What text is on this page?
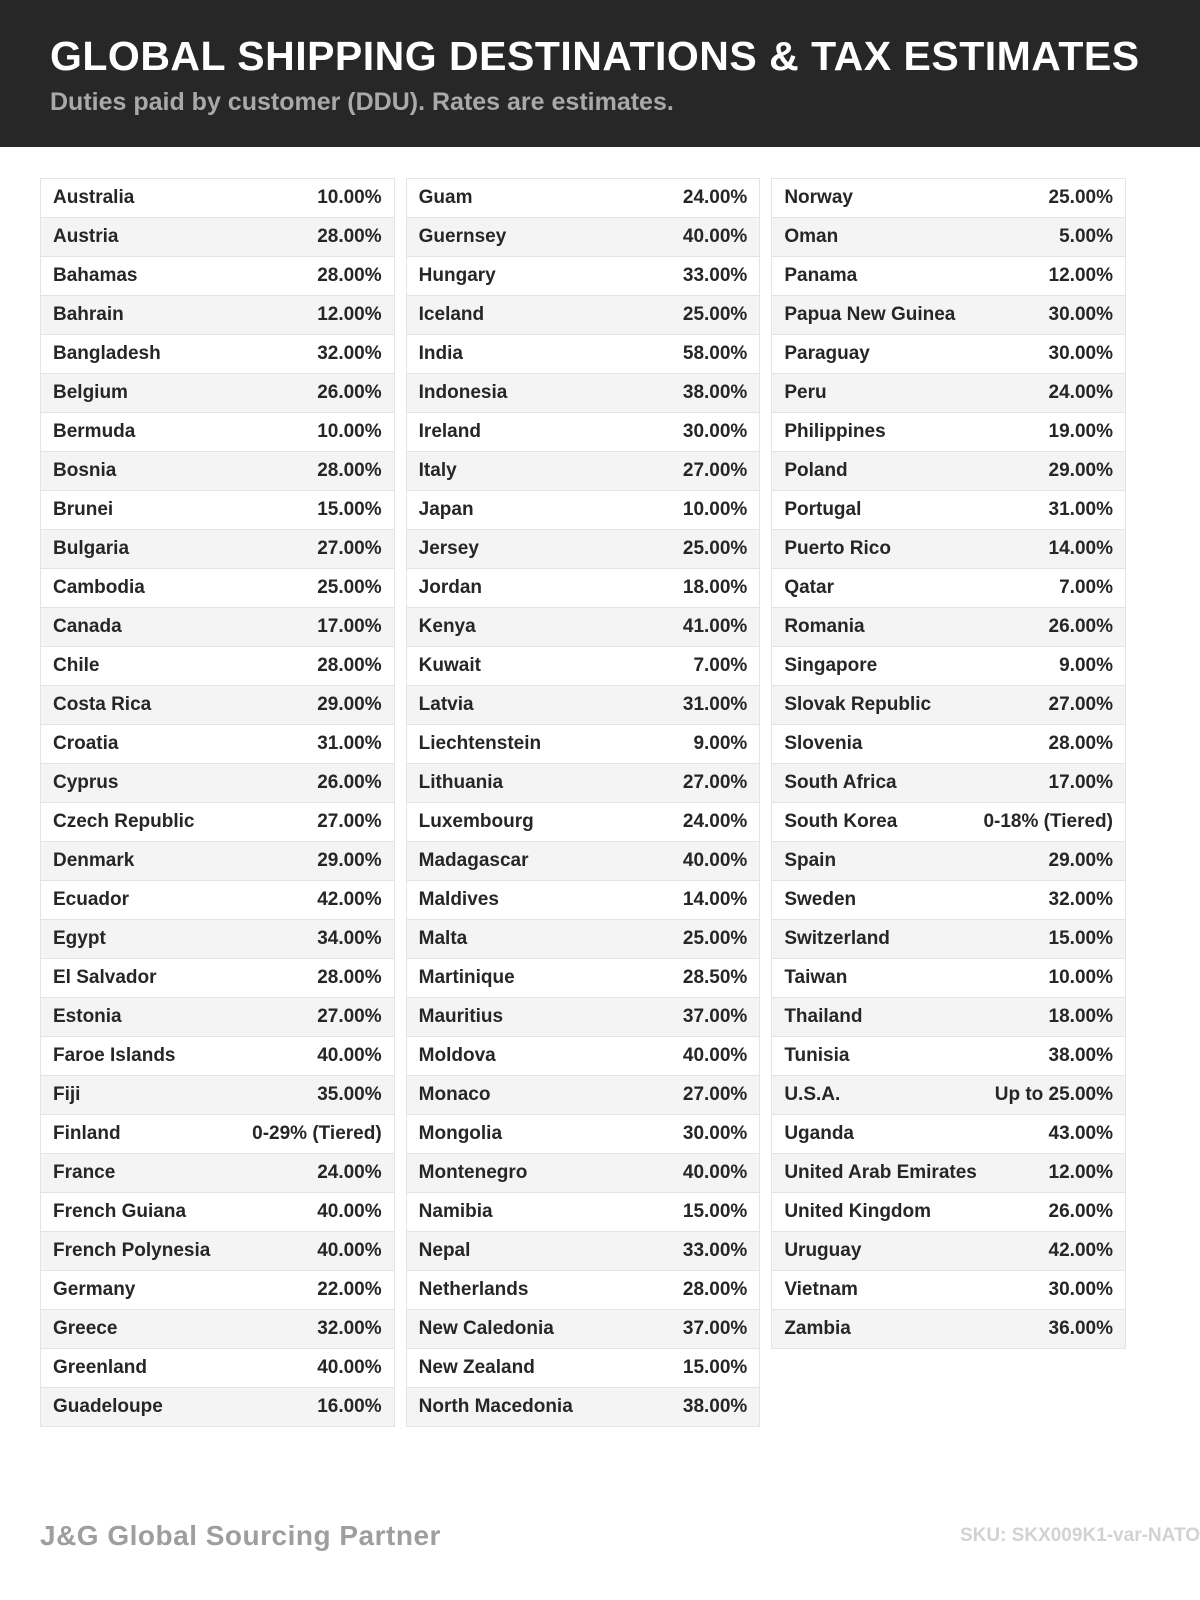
GLOBAL SHIPPING DESTINATIONS & TAX ESTIMATES
Duties paid by customer (DDU). Rates are estimates.
Australia	10.00%
Austria	28.00%
Bahamas	28.00%
Bahrain	12.00%
Bangladesh	32.00%
Belgium	26.00%
Bermuda	10.00%
Bosnia	28.00%
Brunei	15.00%
Bulgaria	27.00%
Cambodia	25.00%
Canada	17.00%
Chile	28.00%
Costa Rica	29.00%
Croatia	31.00%
Cyprus	26.00%
Czech Republic	27.00%
Denmark	29.00%
Ecuador	42.00%
Egypt	34.00%
El Salvador	28.00%
Estonia	27.00%
Faroe Islands	40.00%
Fiji	35.00%
Finland	0-29% (Tiered)
France	24.00%
French Guiana	40.00%
French Polynesia	40.00%
Germany	22.00%
Greece	32.00%
Greenland	40.00%
Guadeloupe	16.00%
Guam	24.00%
Guernsey	40.00%
Hungary	33.00%
Iceland	25.00%
India	58.00%
Indonesia	38.00%
Ireland	30.00%
Italy	27.00%
Japan	10.00%
Jersey	25.00%
Jordan	18.00%
Kenya	41.00%
Kuwait	7.00%
Latvia	31.00%
Liechtenstein	9.00%
Lithuania	27.00%
Luxembourg	24.00%
Madagascar	40.00%
Maldives	14.00%
Malta	25.00%
Martinique	28.50%
Mauritius	37.00%
Moldova	40.00%
Monaco	27.00%
Mongolia	30.00%
Montenegro	40.00%
Namibia	15.00%
Nepal	33.00%
Netherlands	28.00%
New Caledonia	37.00%
New Zealand	15.00%
North Macedonia	38.00%
Norway	25.00%
Oman	5.00%
Panama	12.00%
Papua New Guinea	30.00%
Paraguay	30.00%
Peru	24.00%
Philippines	19.00%
Poland	29.00%
Portugal	31.00%
Puerto Rico	14.00%
Qatar	7.00%
Romania	26.00%
Singapore	9.00%
Slovak Republic	27.00%
Slovenia	28.00%
South Africa	17.00%
South Korea	0-18% (Tiered)
Spain	29.00%
Sweden	32.00%
Switzerland	15.00%
Taiwan	10.00%
Thailand	18.00%
Tunisia	38.00%
U.S.A.	Up to 25.00%
Uganda	43.00%
United Arab Emirates	12.00%
United Kingdom	26.00%
Uruguay	42.00%
Vietnam	30.00%
Zambia	36.00%
J&G Global Sourcing Partner	SKU: SKX009K1-var-NATO
